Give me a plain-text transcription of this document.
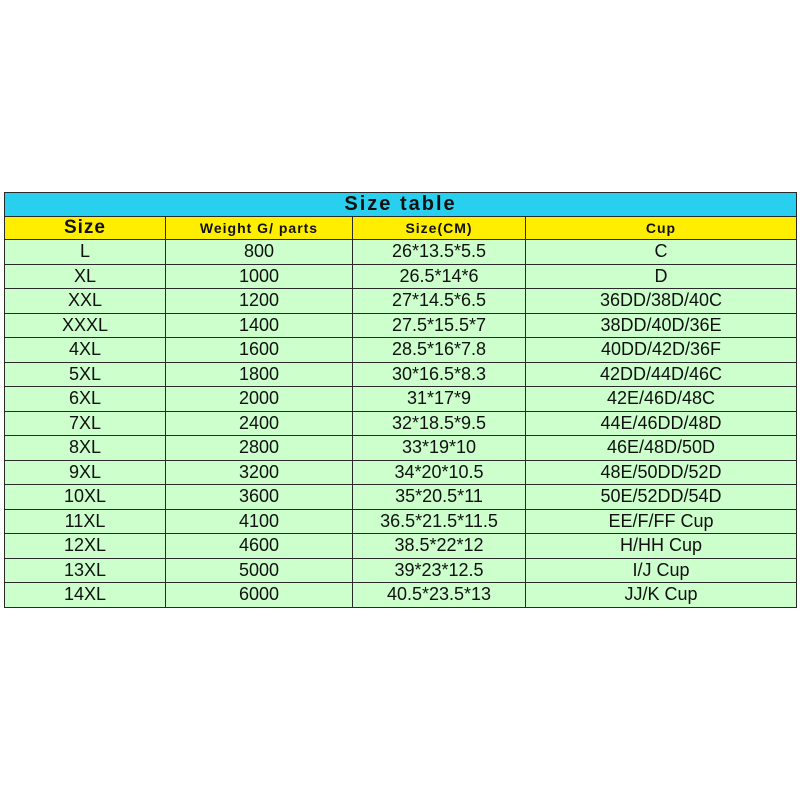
Size table			
Size	Weight G/ parts	Size(CM)	Cup
L	800	26*13.5*5.5	C
XL	1000	26.5*14*6	D
XXL	1200	27*14.5*6.5	36DD/38D/40C
XXXL	1400	27.5*15.5*7	38DD/40D/36E
4XL	1600	28.5*16*7.8	40DD/42D/36F
5XL	1800	30*16.5*8.3	42DD/44D/46C
6XL	2000	31*17*9	42E/46D/48C
7XL	2400	32*18.5*9.5	44E/46DD/48D
8XL	2800	33*19*10	46E/48D/50D
9XL	3200	34*20*10.5	48E/50DD/52D
10XL	3600	35*20.5*11	50E/52DD/54D
11XL	4100	36.5*21.5*11.5	EE/F/FF Cup
12XL	4600	38.5*22*12	H/HH Cup
13XL	5000	39*23*12.5	I/J Cup
14XL	6000	40.5*23.5*13	JJ/K Cup
